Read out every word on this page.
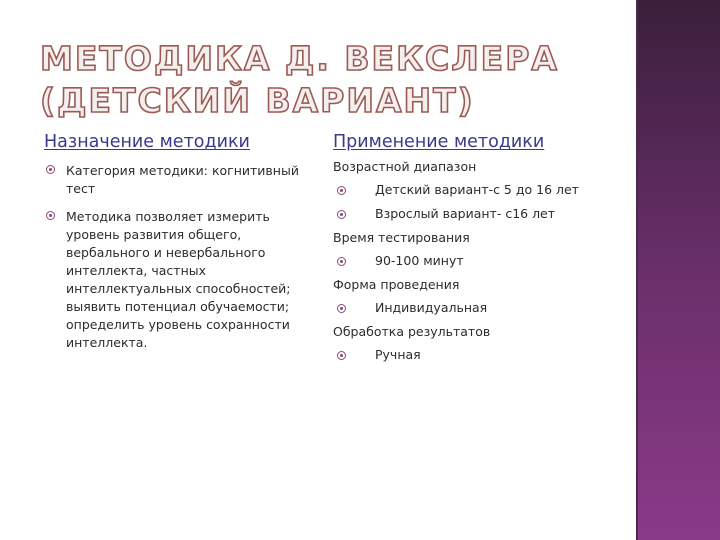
МЕТОДИКА Д. ВЕКСЛЕРА
(ДЕТСКИЙ ВАРИАНТ)
Назначение методики
Категория методики: когнитивный тест
Методика позволяет измерить уровень развития общего, вербального и невербального интеллекта, частных интеллектуальных способностей; выявить потенциал обучаемости; определить уровень сохранности интеллекта.
Применение методики
Возрастной диапазон
Детский вариант-с 5 до 16 лет
Взрослый вариант- с16 лет
Время тестирования
90-100 минут
Форма проведения
Индивидуальная
Обработка результатов
Ручная
